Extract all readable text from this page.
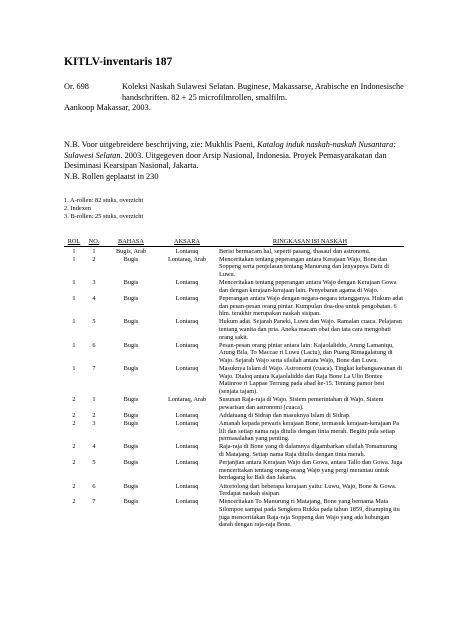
KITLV-inventaris 187
Or. 698	Koleksi Naskah Sulawesi Selatan. Buginese, Makassarse, Arabische en Indonesische handschriften. 82 + 25 microfilmrollen, smalfilm.
Aankoop Makassar, 2003.
N.B. Voor uitgebreidere beschrijving, zie: Mukhlis Paeni, Katalog induk naskah-naskah Nusantara: Sulawesi Selatan. 2003. Uitgegeven door Arsip Nasional, Indonesia. Proyek Pemasyarakatan dan Desiminasi Kearsipan Nasional, Jakarta.
N.B. Rollen geplaatst in 230
1. A-rollen: 82 stuks, overzicht
2. Indexen
3. B-rollen: 25 stuks, overzicht
ROL	NO.	BAHASA	AKSARA	RINGKASAN ISI NASKAH
1	1	Bugis, Arab	Lontaraq	Berisi bermacam hal, seperti pasang, thasauf dan astronomi.
1	2	Bugis	Lontaraq, Arab	Menceritakan tentang peperangan antara Kerajaan Wajo, Bone dan Soppeng serta penjelasan tentang Manurung dan lenyapnya Datu di Luwu.
1	3	Bugis	Lontaraq	Menceritakan tentang peperangan antara Wajo dengan Kerajaan Gowa dan dengan kerajaan-kerajaan lain. Penyebaran agama di Wajo.
1	4	Bugis	Lontaraq	Peperangan antara Wajo dengan negara-negara tetangganya. Hukum adat dan pesan-pesan orang pintar. Kumpulan doa-doa untuk pengobatan. 6 hlm. terakhir merupakan naskah sisipan.
1	5	Bugis	Lontaraq	Hukum adat. Sejarah Paneki, Luwu dan Wajo. Ramalan cuaca. Pelajaran tentang wanita dan pria. Aneka macam obat dan tata cara mengobati orang sakit.
1	6	Bugis	Lontaraq	Pesan-pesan orang pintar antara lain: Kajaolaliddo, Arung Lamaniqu, Arung Bila, To Maccae ri Luwu (Laciu), dan Puang Rimagalatung di Wajo. Sejarah Wajo serta silsilah antara Wajo, Bone dan Luwu.
1	7	Bugis	Lontaraq	Masuknya Islam di Wajo. Astronomi (cuaca). Tingkat kebangsawanan di Wajo. Dialoq antara Kajaolaliddo dan Raja Bone La Ulio Bontee Matinroe ri Lappae Terrung pada abad ke-15. Tentang pamor besi (senjata tajam).
2	1	Bugis	Lontaraq, Arab	Susunan Raja-raja di Wajo. Sistem pemerintahan di Wajo. Sistem pewarisan dan astronomi (cuaca).
2	2	Bugis	Lontaraq	Addatuang di Sidrap dan masuknya Islam di Sidrap.
2	3	Bugis	Lontaraq	Amanah kepada pewaris kerajaan Bone, termasuk kerajaan-kerajaan Pa lili dan setiap nama raja ditulis dengan tinta merah. Begitu pula setiap permasalahan yang penting.
2	4	Bugis	Lontaraq	Raja-raja di Bone yang di dalamnya digambarkan silsilah Tomanurung di Matajang. Setiap nama Raja ditulis dengan tinta merah.
2	5	Bugis	Lontaraq	Perjanjian antara Kerajaan Wajo dan Gowa, antara Tallo dan Gowa. Juga menceritakan tentang orang-orang Wajo yang pergi merantau untuk berdagang ke Bali dan Jakarta.
2	6	Bugis	Lontaraq	Attoriolong dari beberapa kerajaan yaitu: Luwu, Wajo, Bone & Gowa. Terdapat naskah sisipan
2	7	Bugis	Lontaraq	Menceritakan To Manurung ri Matajang, Bone yang bernama Mata Silompoe sampai pada Sengkera Rukka pada tahun 1859, disamping itu juga menceritakan Raja-raja Soppeng dan Wajo yang ada hubungan darah dengan raja-raja Bone.
